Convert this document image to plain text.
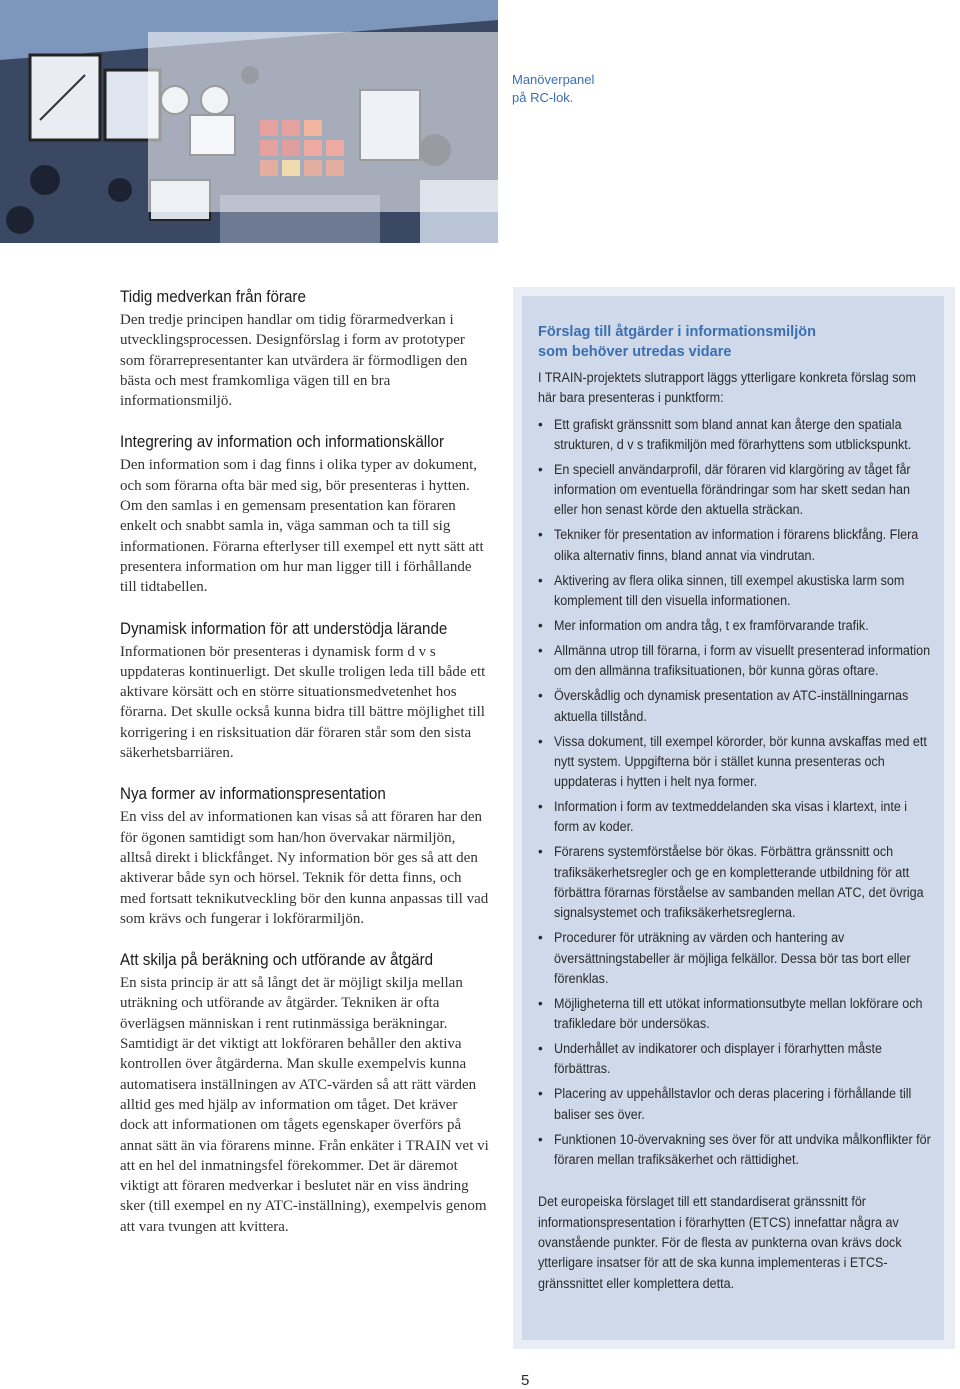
Manöverpanel på RC-lok.
Tidig medverkan från förare

Den tredje principen handlar om tidig förarmedverkan i utvecklingsprocessen. Designförslag i form av prototyper som förarrepresentanter kan utvärdera är förmodligen den bästa och mest framkomliga vägen till en bra informationsmiljö.

Integrering av information och informationskällor

Den information som i dag finns i olika typer av dokument, och som förarna ofta bär med sig, bör presenteras i hytten. Om den samlas i en gemensam presentation kan föraren enkelt och snabbt samla in, väga samman och ta till sig informationen. Förarna efterlyser till exempel ett nytt sätt att presentera information om hur man ligger till i förhållande till tidtabellen.

Dynamisk information för att understödja lärande

Informationen bör presenteras i dynamisk form d v s uppdateras kontinuerligt. Det skulle troligen leda till både ett aktivare körsätt och en större situationsmedvetenhet hos förarna. Det skulle också kunna bidra till bättre möjlighet till korrigering i en risksituation där föraren står som den sista säkerhetsbarriären.

Nya former av informationspresentation

En viss del av informationen kan visas så att föraren har den för ögonen samtidigt som han/hon övervakar närmiljön, alltså direkt i blickfånget. Ny information bör ges så att den aktiverar både syn och hörsel. Teknik för detta finns, och med fortsatt teknikutveckling bör den kunna anpassas till vad som krävs och fungerar i lokförarmiljön.

Att skilja på beräkning och utförande av åtgärd

En sista princip är att så långt det är möjligt skilja mellan uträkning och utförande av åtgärder. Tekniken är ofta överlägsen människan i rent rutinmässiga beräkningar. Samtidigt är det viktigt att lokföraren behåller den aktiva kontrollen över åtgärderna. Man skulle exempelvis kunna automatisera inställningen av ATC-värden så att rätt värden alltid ges med hjälp av information om tåget. Det kräver dock att informationen om tågets egenskaper överförs på annat sätt än via förarens minne. Från enkäter i TRAIN vet vi att en hel del inmatningsfel förekommer. Det är däremot viktigt att föraren medverkar i beslutet när en viss ändring sker (till exempel en ny ATC-inställning), exempelvis genom att vara tvungen att kvittera.

Förslag till åtgärder i informationsmiljön
som behöver utredas vidare

I TRAIN-projektets slutrapport läggs ytterligare konkreta förslag som här bara presenteras i punktform:

• Ett grafiskt gränssnitt som bland annat kan återge den spatiala strukturen, d v s trafikmiljön med förarhyttens som utblickspunkt.
• En speciell användarprofil, där föraren vid klargöring av tåget får information om eventuella förändringar som har skett sedan han eller hon senast körde den aktuella sträckan.
• Tekniker för presentation av information i förarens blickfång. Flera olika alternativ finns, bland annat via vindrutan.
• Aktivering av flera olika sinnen, till exempel akustiska larm som komplement till den visuella informationen.
• Mer information om andra tåg, t ex framförvarande trafik.
• Allmänna utrop till förarna, i form av visuellt presenterad information om den allmänna trafiksituationen, bör kunna göras oftare.
• Överskådlig och dynamisk presentation av ATC-inställningarnas aktuella tillstånd.
• Vissa dokument, till exempel körorder, bör kunna avskaffas med ett nytt system. Uppgifterna bör i stället kunna presenteras och uppdateras i hytten i helt nya former.
• Information i form av textmeddelanden ska visas i klartext, inte i form av koder.
• Förarens systemförståelse bör ökas. Förbättra gränssnitt och trafiksäkerhetsregler och ge en kompletterande utbildning för att förbättra förarnas förståelse av sambanden mellan ATC, det övriga signalsystemet och trafiksäkerhetsreglerna.
• Procedurer för uträkning av värden och hantering av översättningstabeller är möjliga felkällor. Dessa bör tas bort eller förenklas.
• Möjligheterna till ett utökat informationsutbyte mellan lokförare och trafikledare bör undersökas.
• Underhållet av indikatorer och displayer i förarhytten måste förbättras.
• Placering av uppehållstavlor och deras placering i förhållande till baliser ses över.
• Funktionen 10-övervakning ses över för att undvika målkonflikter för föraren mellan trafiksäkerhet och rättidighet.

Det europeiska förslaget till ett standardiserat gränssnitt för informationspresentation i förarhytten (ETCS) innefattar några av ovanstående punkter. För de flesta av punkterna ovan krävs dock ytterligare insatser för att de ska kunna implementeras i ETCS-gränssnittet eller komplettera detta.

5
